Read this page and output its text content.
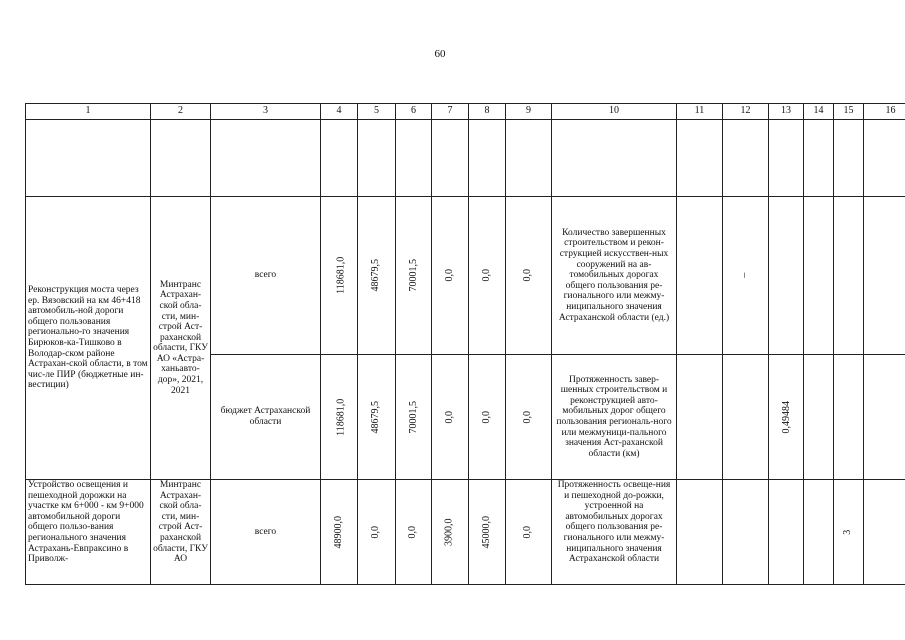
60
1	2	3	4	5	6	7	8	9	10	11	12	13	14	15	16

Реконструкция моста через ер. Вязовский на км 46+418 автомобиль-ной дороги общего пользования регионально-го значения Бирюков-ка-Тишково в Володар-ском районе Астрахан-ской области, в том чис-ле ПИР (бюджетные ин-вестиции)	Минтранс Астрахан-ской обла-сти, мин-строй Аст-раханской области, ГКУ АО «Астра-ханьавто-дор», 2021, 2021	всего	118681,0	48679,5	70001,5	0,0	0,0	0,0	Количество завершенных строительством и рекон-струкцией искусствен-ных сооружений на ав-томобильных дорогах общего пользования ре-гионального или межму-ниципального значения Астраханской области (ед.)		–				
		бюджет Астраханской области	118681,0	48679,5	70001,5	0,0	0,0	0,0	Протяженность завер-шенных строительством и реконструкцией авто-мобильных дорог общего пользования региональ-ного или межмуници-пального значения Аст-раханской области (км)			0,49484			
Устройство освещения и пешеходной дорожки на участке км 6+000 - км 9+000 автомобильной дороги общего пользо-вания регионального значения Астрахань-Евпраксино в Приволж-	Минтранс Астрахан-ской обла-сти, мин-строй Аст-раханской области, ГКУ АО	всего	48900,0	0,0	0,0	3900,0	45000,0	0,0	Протяженность освеще-ния и пешеходной до-рожки, устроенной на автомобильных дорогах общего пользования ре-гионального или межму-ниципального значения Астраханской области					3	
